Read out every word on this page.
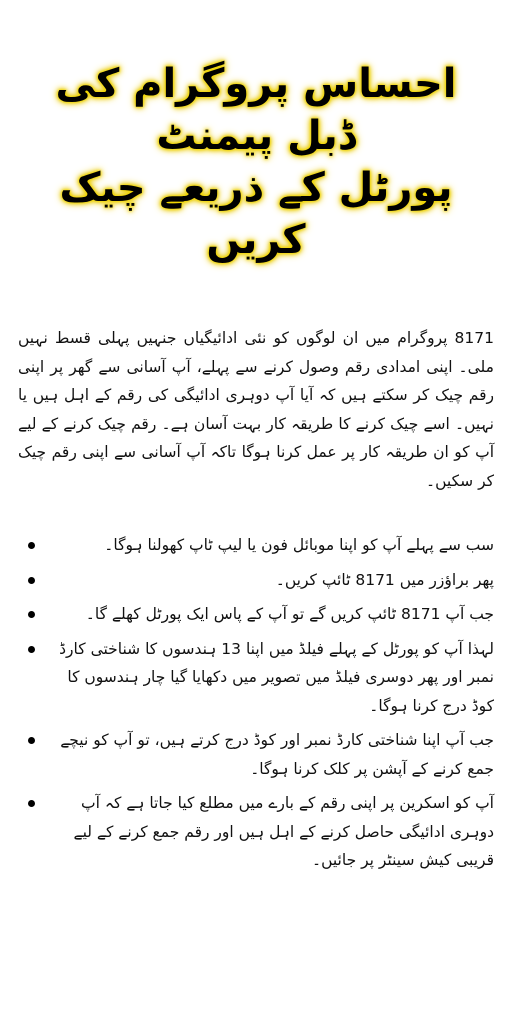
احساس پروگرام کی ڈبل پیمنٹ
پورٹل کے ذریعے چیک کریں

8171 پروگرام میں ان لوگوں کو نئی ادائیگیاں جنہیں پہلی قسط نہیں ملی۔ اپنی امدادی رقم وصول کرنے سے پہلے، آپ آسانی سے گھر پر اپنی رقم چیک کر سکتے ہیں کہ آیا آپ دوہری ادائیگی کی رقم کے اہل ہیں یا نہیں۔ اسے چیک کرنے کا طریقہ کار بہت آسان ہے۔ رقم چیک کرنے کے لیے آپ کو ان طریقہ کار پر عمل کرنا ہوگا تاکہ آپ آسانی سے اپنی رقم چیک کر سکیں۔

سب سے پہلے آپ کو اپنا موبائل فون یا لیپ ٹاپ کھولنا ہوگا۔
پھر براؤزر میں 8171 ٹائپ کریں۔
جب آپ 8171 ٹائپ کریں گے تو آپ کے پاس ایک پورٹل کھلے گا۔
لہذا آپ کو پورٹل کے پہلے فیلڈ میں اپنا 13 ہندسوں کا شناختی کارڈ نمبر اور پھر دوسری فیلڈ میں تصویر میں دکھایا گیا چار ہندسوں کا کوڈ درج کرنا ہوگا۔
جب آپ اپنا شناختی کارڈ نمبر اور کوڈ درج کرتے ہیں، تو آپ کو نیچے جمع کرنے کے آپشن پر کلک کرنا ہوگا۔
آپ کو اسکرین پر اپنی رقم کے بارے میں مطلع کیا جاتا ہے کہ آپ دوہری ادائیگی حاصل کرنے کے اہل ہیں اور رقم جمع کرنے کے لیے قریبی کیش سینٹر پر جائیں۔
